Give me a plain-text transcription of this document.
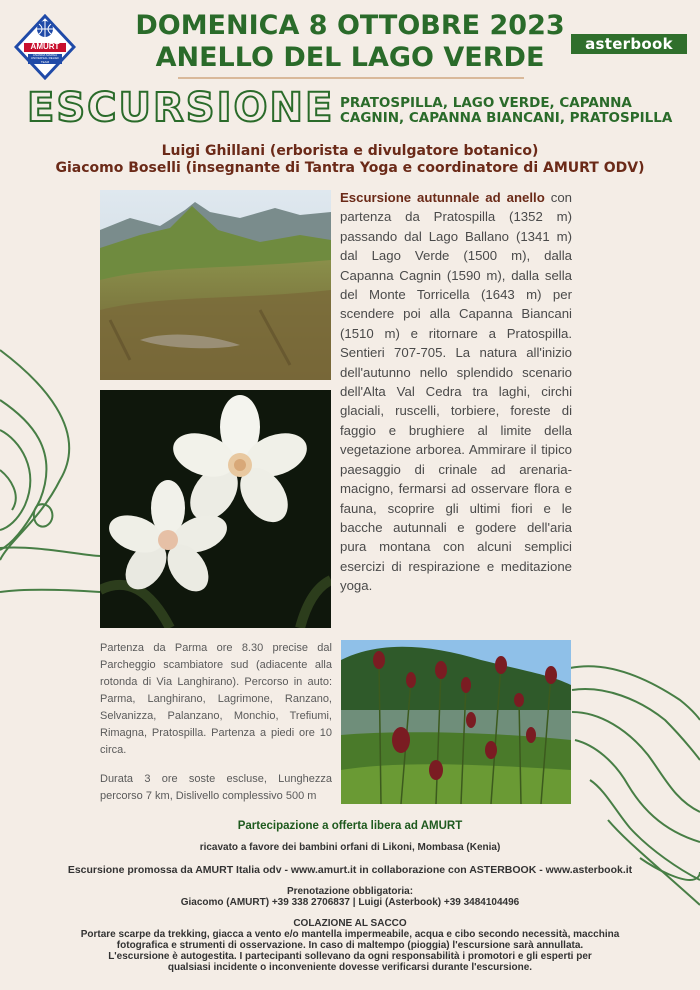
AMURT
ANANDA MARGA UNIVERSAL RELIEF TEAM
DOMENICA 8 OTTOBRE 2023
ANELLO DEL LAGO VERDE	asterbook
ESCURSIONE PRATOSPILLA, LAGO VERDE, CAPANNA CAGNIN, CAPANNA BIANCANI, PRATOSPILLA
Luigi Ghillani (erborista e divulgatore botanico)
Giacomo Boselli (insegnante di Tantra Yoga e coordinatore di AMURT ODV)
Escursione autunnale ad anello con partenza da Pratospilla (1352 m) passando dal Lago Ballano (1341 m) dal Lago Verde (1500 m), dalla Capanna Cagnin (1590 m), dalla sella del Monte Torricella (1643 m) per scendere poi alla Capanna Biancani (1510 m) e ritornare a Pratospilla. Sentieri 707-705. La natura all'inizio dell'autunno nello splendido scenario dell'Alta Val Cedra tra laghi, circhi glaciali, ruscelli, torbiere, foreste di faggio e brughiere al limite della vegetazione arborea. Ammirare il tipico paesaggio di crinale ad arenaria-macigno, fermarsi ad osservare flora e fauna, scoprire gli ultimi fiori e le bacche autunnali e godere dell'aria pura montana con alcuni semplici esercizi di respirazione e meditazione yoga.
Partenza da Parma ore 8.30 precise dal Parcheggio scambiatore sud (adiacente alla rotonda di Via Langhirano). Percorso in auto: Parma, Langhirano, Lagrimone, Ranzano, Selvanizza, Palanzano, Monchio, Trefiumi, Rimagna, Pratospilla. Partenza a piedi ore 10 circa.
Durata 3 ore soste escluse, Lunghezza percorso 7 km, Dislivello complessivo 500 m
Partecipazione a offerta libera ad AMURT
ricavato a favore dei bambini orfani di Likoni, Mombasa (Kenia)
Escursione promossa da AMURT Italia odv - www.amurt.it in collaborazione con ASTERBOOK - www.asterbook.it
Prenotazione obbligatoria:
Giacomo (AMURT) +39 338 2706837 | Luigi (Asterbook) +39 3484104496
COLAZIONE AL SACCO
Portare scarpe da trekking, giacca a vento e/o mantella impermeabile, acqua e cibo secondo necessità, macchina
fotografica e strumenti di osservazione. In caso di maltempo (pioggia) l'escursione sarà annullata.
L'escursione è autogestita. I partecipanti sollevano da ogni responsabilità i promotori e gli esperti per
qualsiasi incidente o inconveniente dovesse verificarsi durante l'escursione.
